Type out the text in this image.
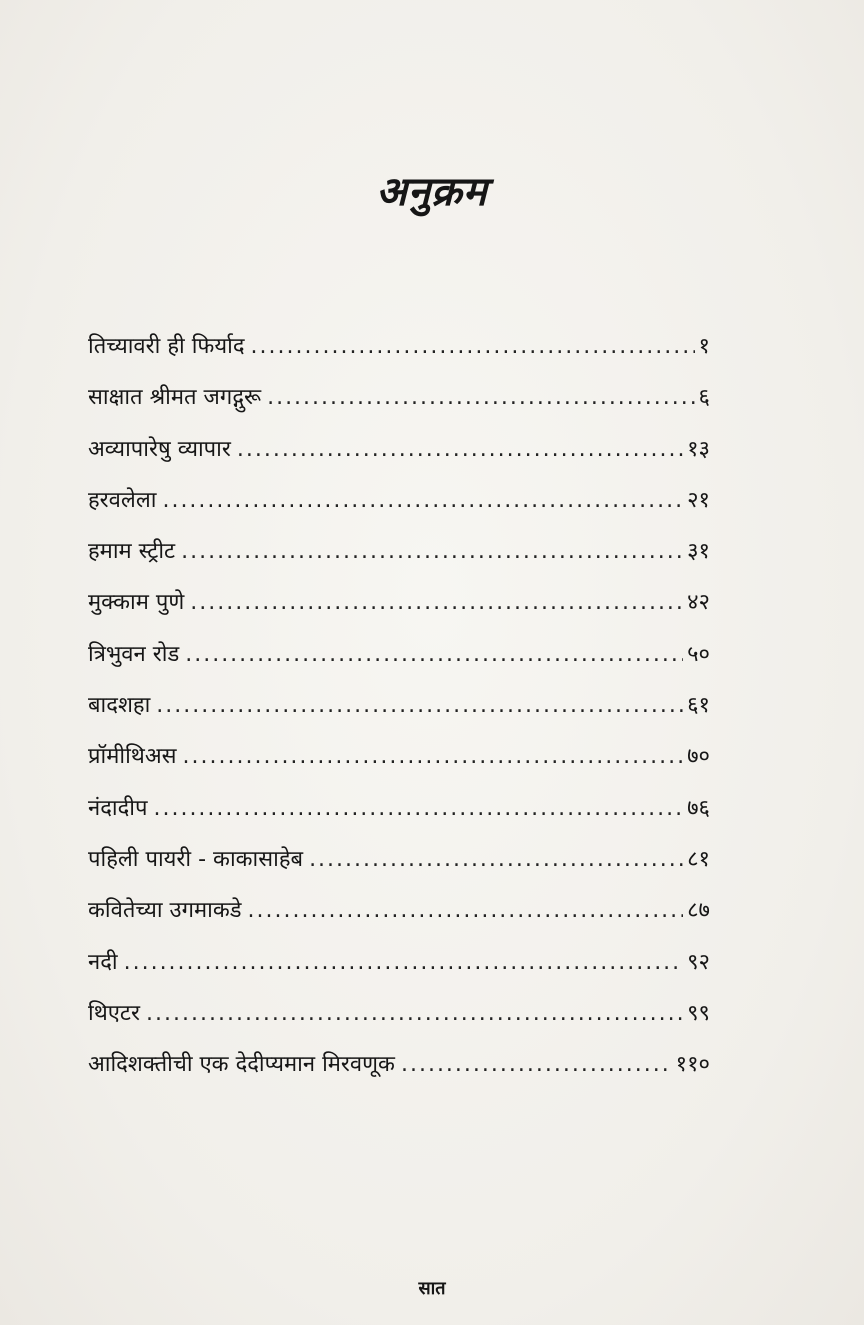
अनुक्रम
तिच्यावरी ही फिर्याद .....	१
साक्षात श्रीमत जगद्गुरू .....	६
अव्यापारेषु व्यापार .....	१३
हरवलेला .....	२१
हमाम स्ट्रीट .....	३१
मुक्काम पुणे .....	४२
त्रिभुवन रोड .....	५०
बादशहा .....	६१
प्रॉमीथिअस .....	७०
नंदादीप .....	७६
पहिली पायरी - काकासाहेब .....	८१
कवितेच्या उगमाकडे .....	८७
नदी .....	९२
थिएटर .....	९९
आदिशक्तीची एक देदीप्यमान मिरवणूक .....	११०
सात
